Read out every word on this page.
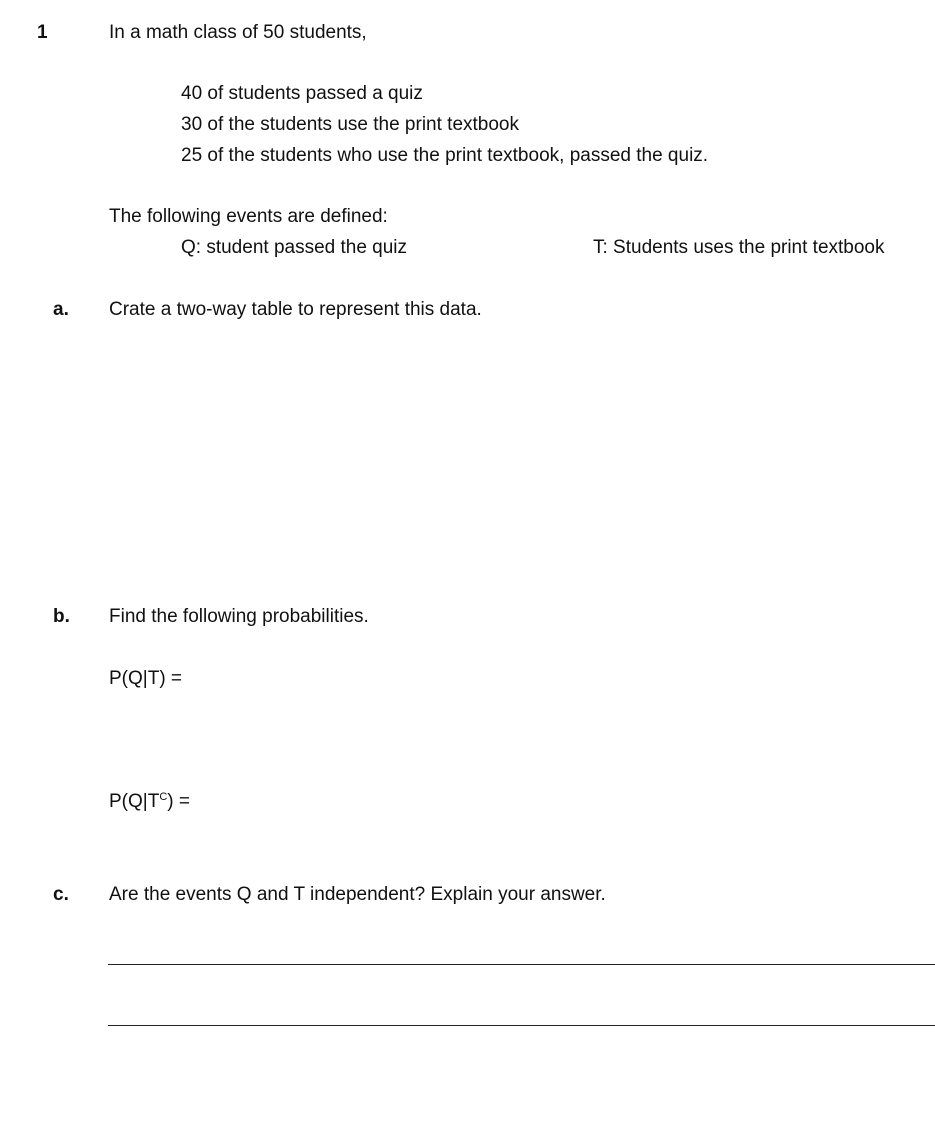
1	In a math class of 50 students,
40 of students passed a quiz
30 of the students use the print textbook
25 of the students who use the print textbook, passed the quiz.
The following events are defined:
Q: student passed the quiz	T: Students uses the print textbook
a. Crate a two-way table to represent this data.
b. Find the following probabilities.
P(Q|T) =
$P(Q|T^C)$ =
c. Are the events Q and T independent? Explain your answer.
